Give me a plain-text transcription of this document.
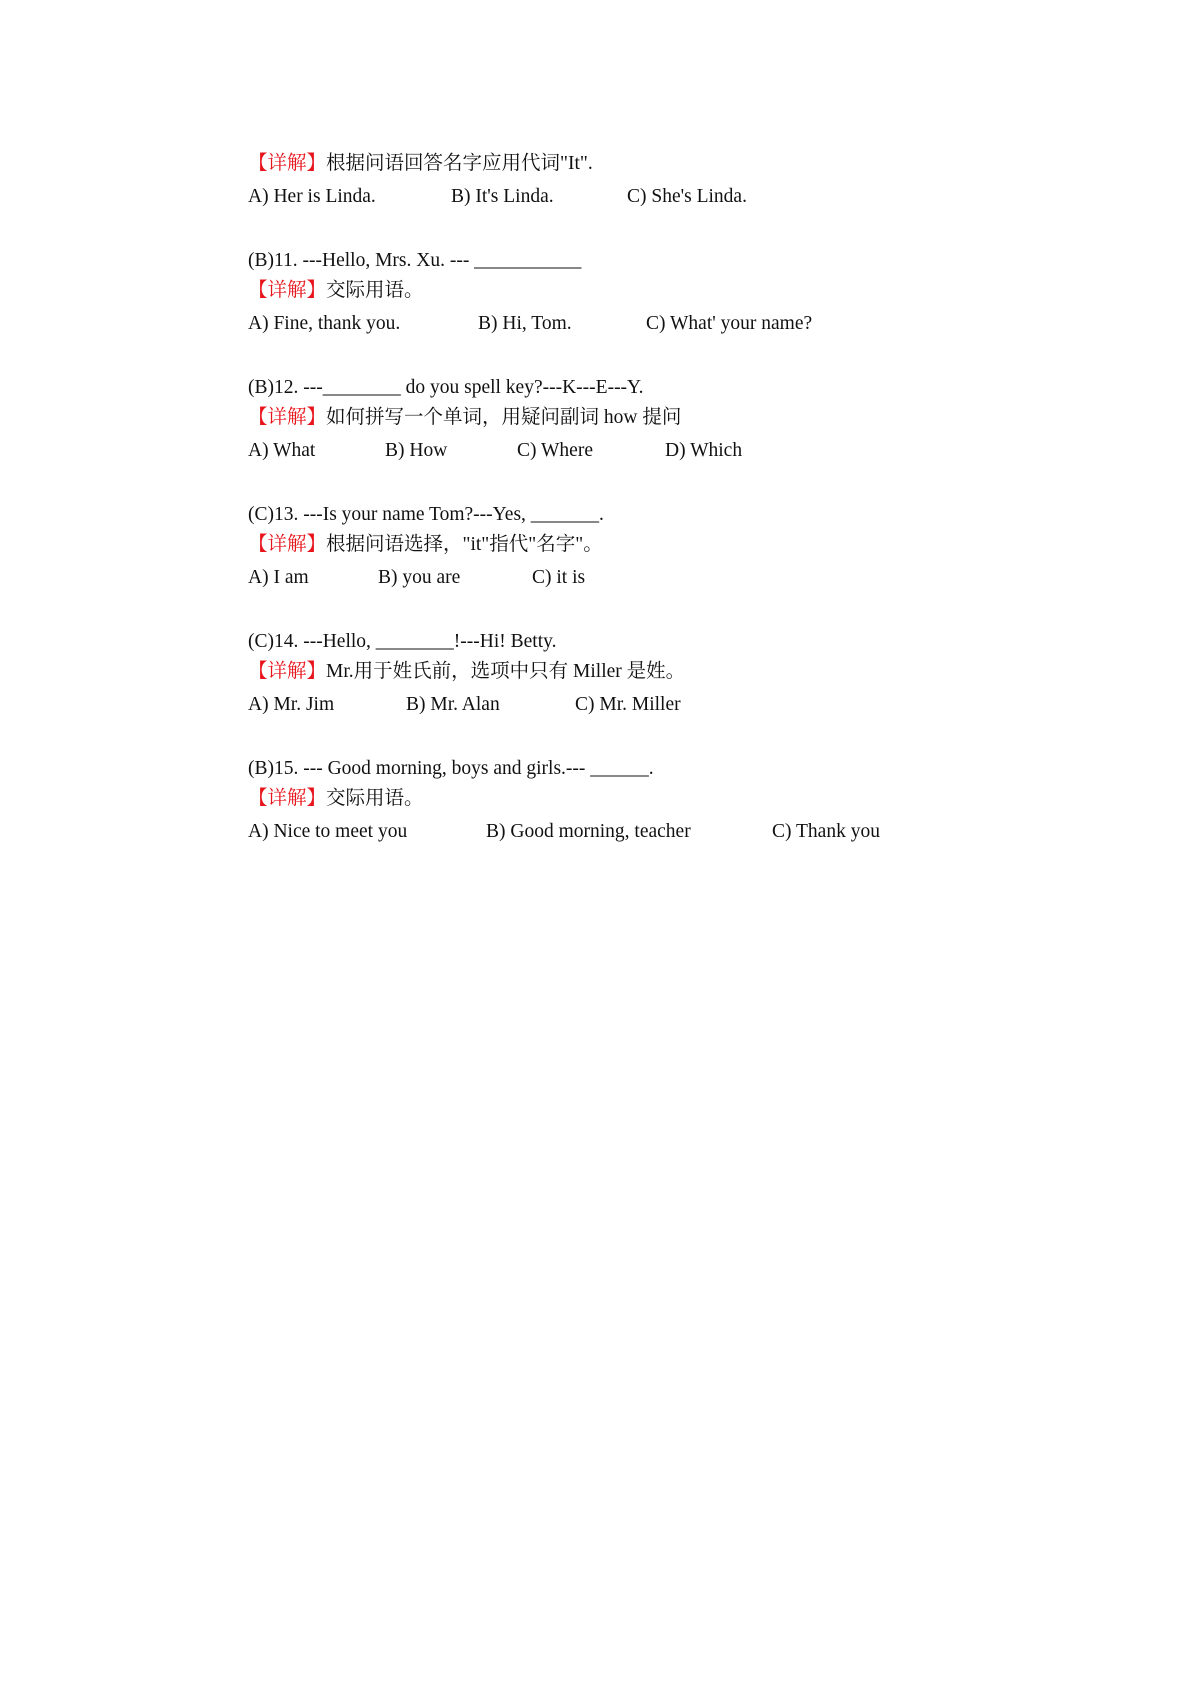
【详解】根据问语回答名字应用代词"It".
A) Her is Linda.	B) It's Linda.	C) She's Linda.
(B)11. ---Hello, Mrs. Xu. --- ___________
【详解】交际用语。
A) Fine, thank you.	B) Hi, Tom.	C) What' your name?
(B)12. ---________ do you spell key?---K---E---Y.
【详解】如何拼写一个单词，用疑问副词 how 提问
A) What	B) How	C) Where	D) Which
(C)13. ---Is your name Tom?---Yes, _______.
【详解】根据问语选择，"it"指代"名字"。
A) I am	B) you are	C) it is
(C)14. ---Hello, ________!---Hi! Betty.
【详解】Mr.用于姓氏前，选项中只有 Miller 是姓。
A) Mr. Jim	B) Mr. Alan	C) Mr. Miller
(B)15. --- Good morning, boys and girls.--- ______.
【详解】交际用语。
A) Nice to meet you	B) Good morning, teacher	C) Thank you
